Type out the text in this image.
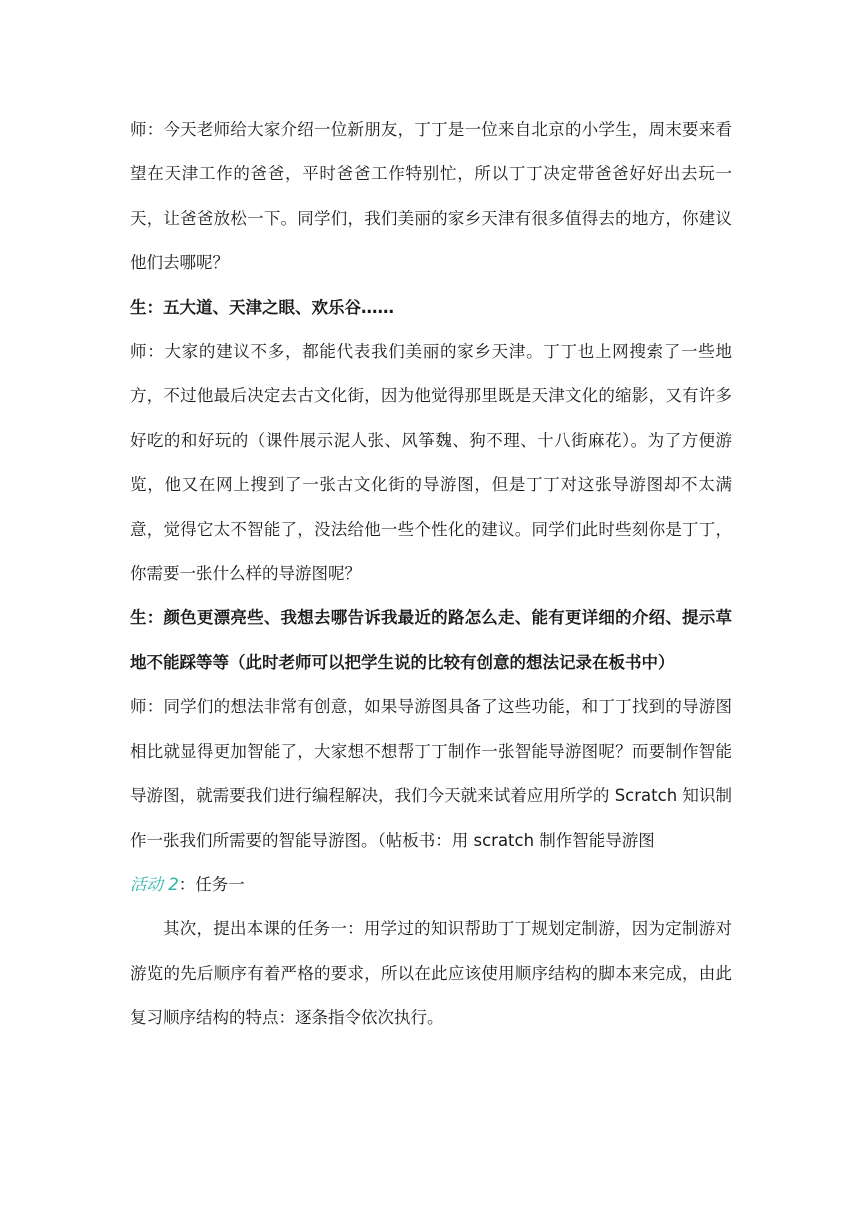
师：今天老师给大家介绍一位新朋友，丁丁是一位来自北京的小学生，周末要来看望在天津工作的爸爸，平时爸爸工作特别忙，所以丁丁决定带爸爸好好出去玩一天，让爸爸放松一下。同学们，我们美丽的家乡天津有很多值得去的地方，你建议他们去哪呢？

生：五大道、天津之眼、欢乐谷……

师：大家的建议不多，都能代表我们美丽的家乡天津。丁丁也上网搜索了一些地方，不过他最后决定去古文化街，因为他觉得那里既是天津文化的缩影，又有许多好吃的和好玩的（课件展示泥人张、风筝魏、狗不理、十八街麻花）。为了方便游览，他又在网上搜到了一张古文化街的导游图，但是丁丁对这张导游图却不太满意，觉得它太不智能了，没法给他一些个性化的建议。同学们此时些刻你是丁丁，你需要一张什么样的导游图呢？

生：颜色更漂亮些、我想去哪告诉我最近的路怎么走、能有更详细的介绍、提示草地不能踩等等（此时老师可以把学生说的比较有创意的想法记录在板书中）

师：同学们的想法非常有创意，如果导游图具备了这些功能，和丁丁找到的导游图相比就显得更加智能了，大家想不想帮丁丁制作一张智能导游图呢？而要制作智能导游图，就需要我们进行编程解决，我们今天就来试着应用所学的 Scratch 知识制作一张我们所需要的智能导游图。（帖板书：用 scratch 制作智能导游图

活动 2：任务一

其次，提出本课的任务一：用学过的知识帮助丁丁规划定制游，因为定制游对游览的先后顺序有着严格的要求，所以在此应该使用顺序结构的脚本来完成，由此复习顺序结构的特点：逐条指令依次执行。
